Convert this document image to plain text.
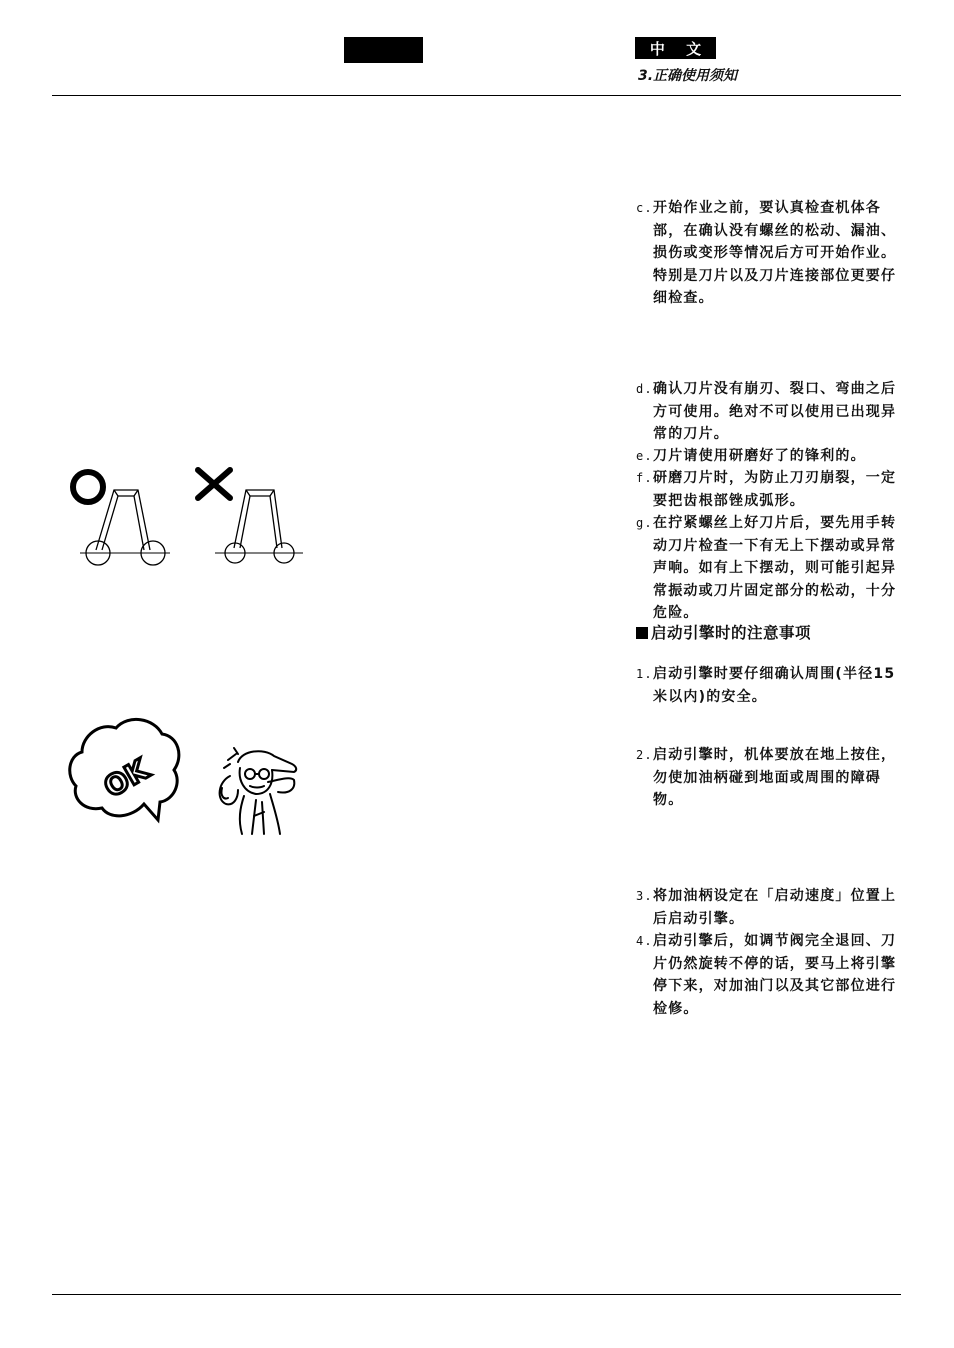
中 文
3.正确使用须知
c. 开始作业之前，要认真检查机体各部，在确认没有螺丝的松动、漏油、损伤或变形等情况后方可开始作业。特别是刀片以及刀片连接部位更要仔细检查。
d. 确认刀片没有崩刃、裂口、弯曲之后方可使用。绝对不可以使用已出现异常的刀片。
e. 刀片请使用研磨好了的锋利的。
f. 研磨刀片时，为防止刀刃崩裂，一定要把齿根部锉成弧形。
g. 在拧紧螺丝上好刀片后，要先用手转动刀片检查一下有无上下摆动或异常声响。如有上下摆动，则可能引起异常振动或刀片固定部分的松动，十分危险。
启动引擎时的注意事项
1. 启动引擎时要仔细确认周围(半径15米以内)的安全。
2. 启动引擎时，机体要放在地上按住，勿使加油柄碰到地面或周围的障碍物。
3. 将加油柄设定在「启动速度」位置上后启动引擎。
4. 启动引擎后，如调节阀完全退回、刀片仍然旋转不停的话，要马上将引擎停下来，对加油门以及其它部位进行检修。
OK
